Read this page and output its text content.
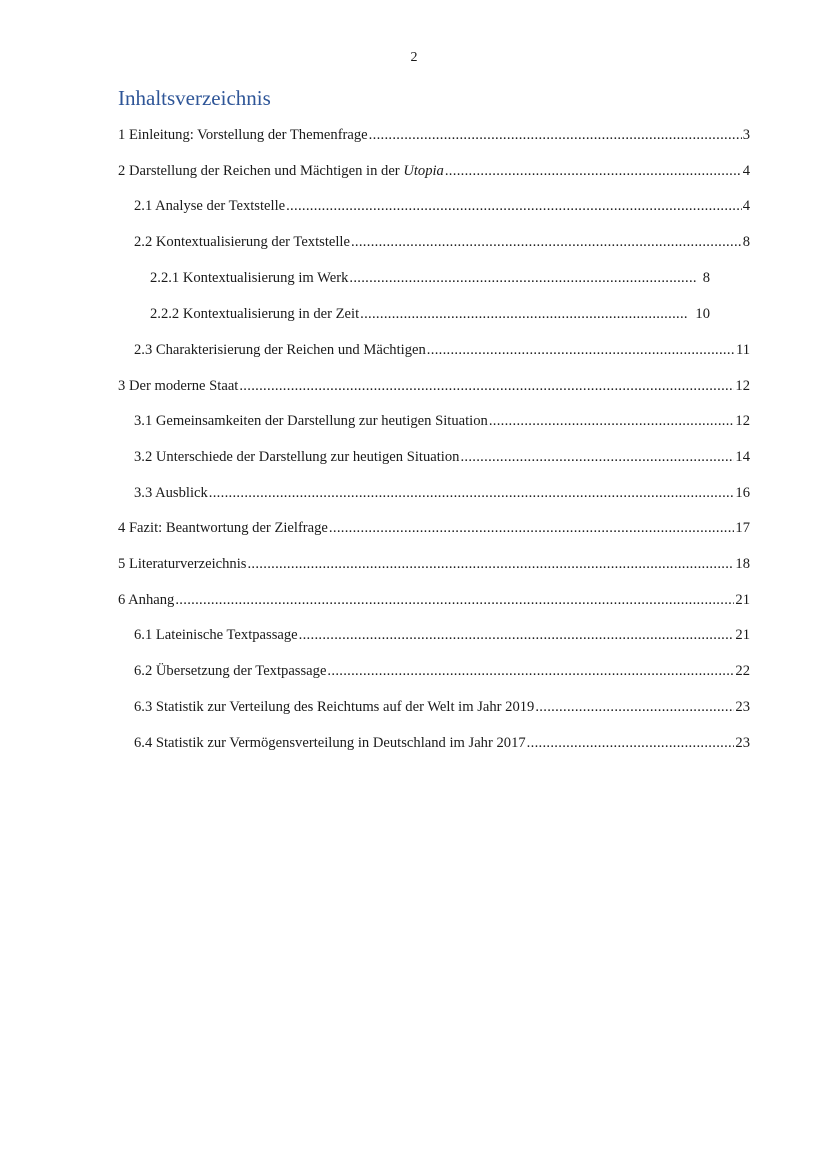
2
Inhaltsverzeichnis
1 Einleitung: Vorstellung der Themenfrage .....	3
2 Darstellung der Reichen und Mächtigen in der Utopia .....	4
2.1 Analyse der Textstelle .....	4
2.2 Kontextualisierung der Textstelle .....	8
2.2.1 Kontextualisierung im Werk .....	8
2.2.2 Kontextualisierung in der Zeit .....	10
2.3 Charakterisierung der Reichen und Mächtigen .....	11
3 Der moderne Staat .....	12
3.1 Gemeinsamkeiten der Darstellung zur heutigen Situation .....	12
3.2 Unterschiede der Darstellung zur heutigen Situation .....	14
3.3 Ausblick .....	16
4 Fazit: Beantwortung der Zielfrage .....	17
5 Literaturverzeichnis .....	18
6 Anhang .....	21
6.1 Lateinische Textpassage .....	21
6.2 Übersetzung der Textpassage .....	22
6.3 Statistik zur Verteilung des Reichtums auf der Welt im Jahr 2019 .....	23
6.4 Statistik zur Vermögensverteilung in Deutschland im Jahr 2017 .....	23
